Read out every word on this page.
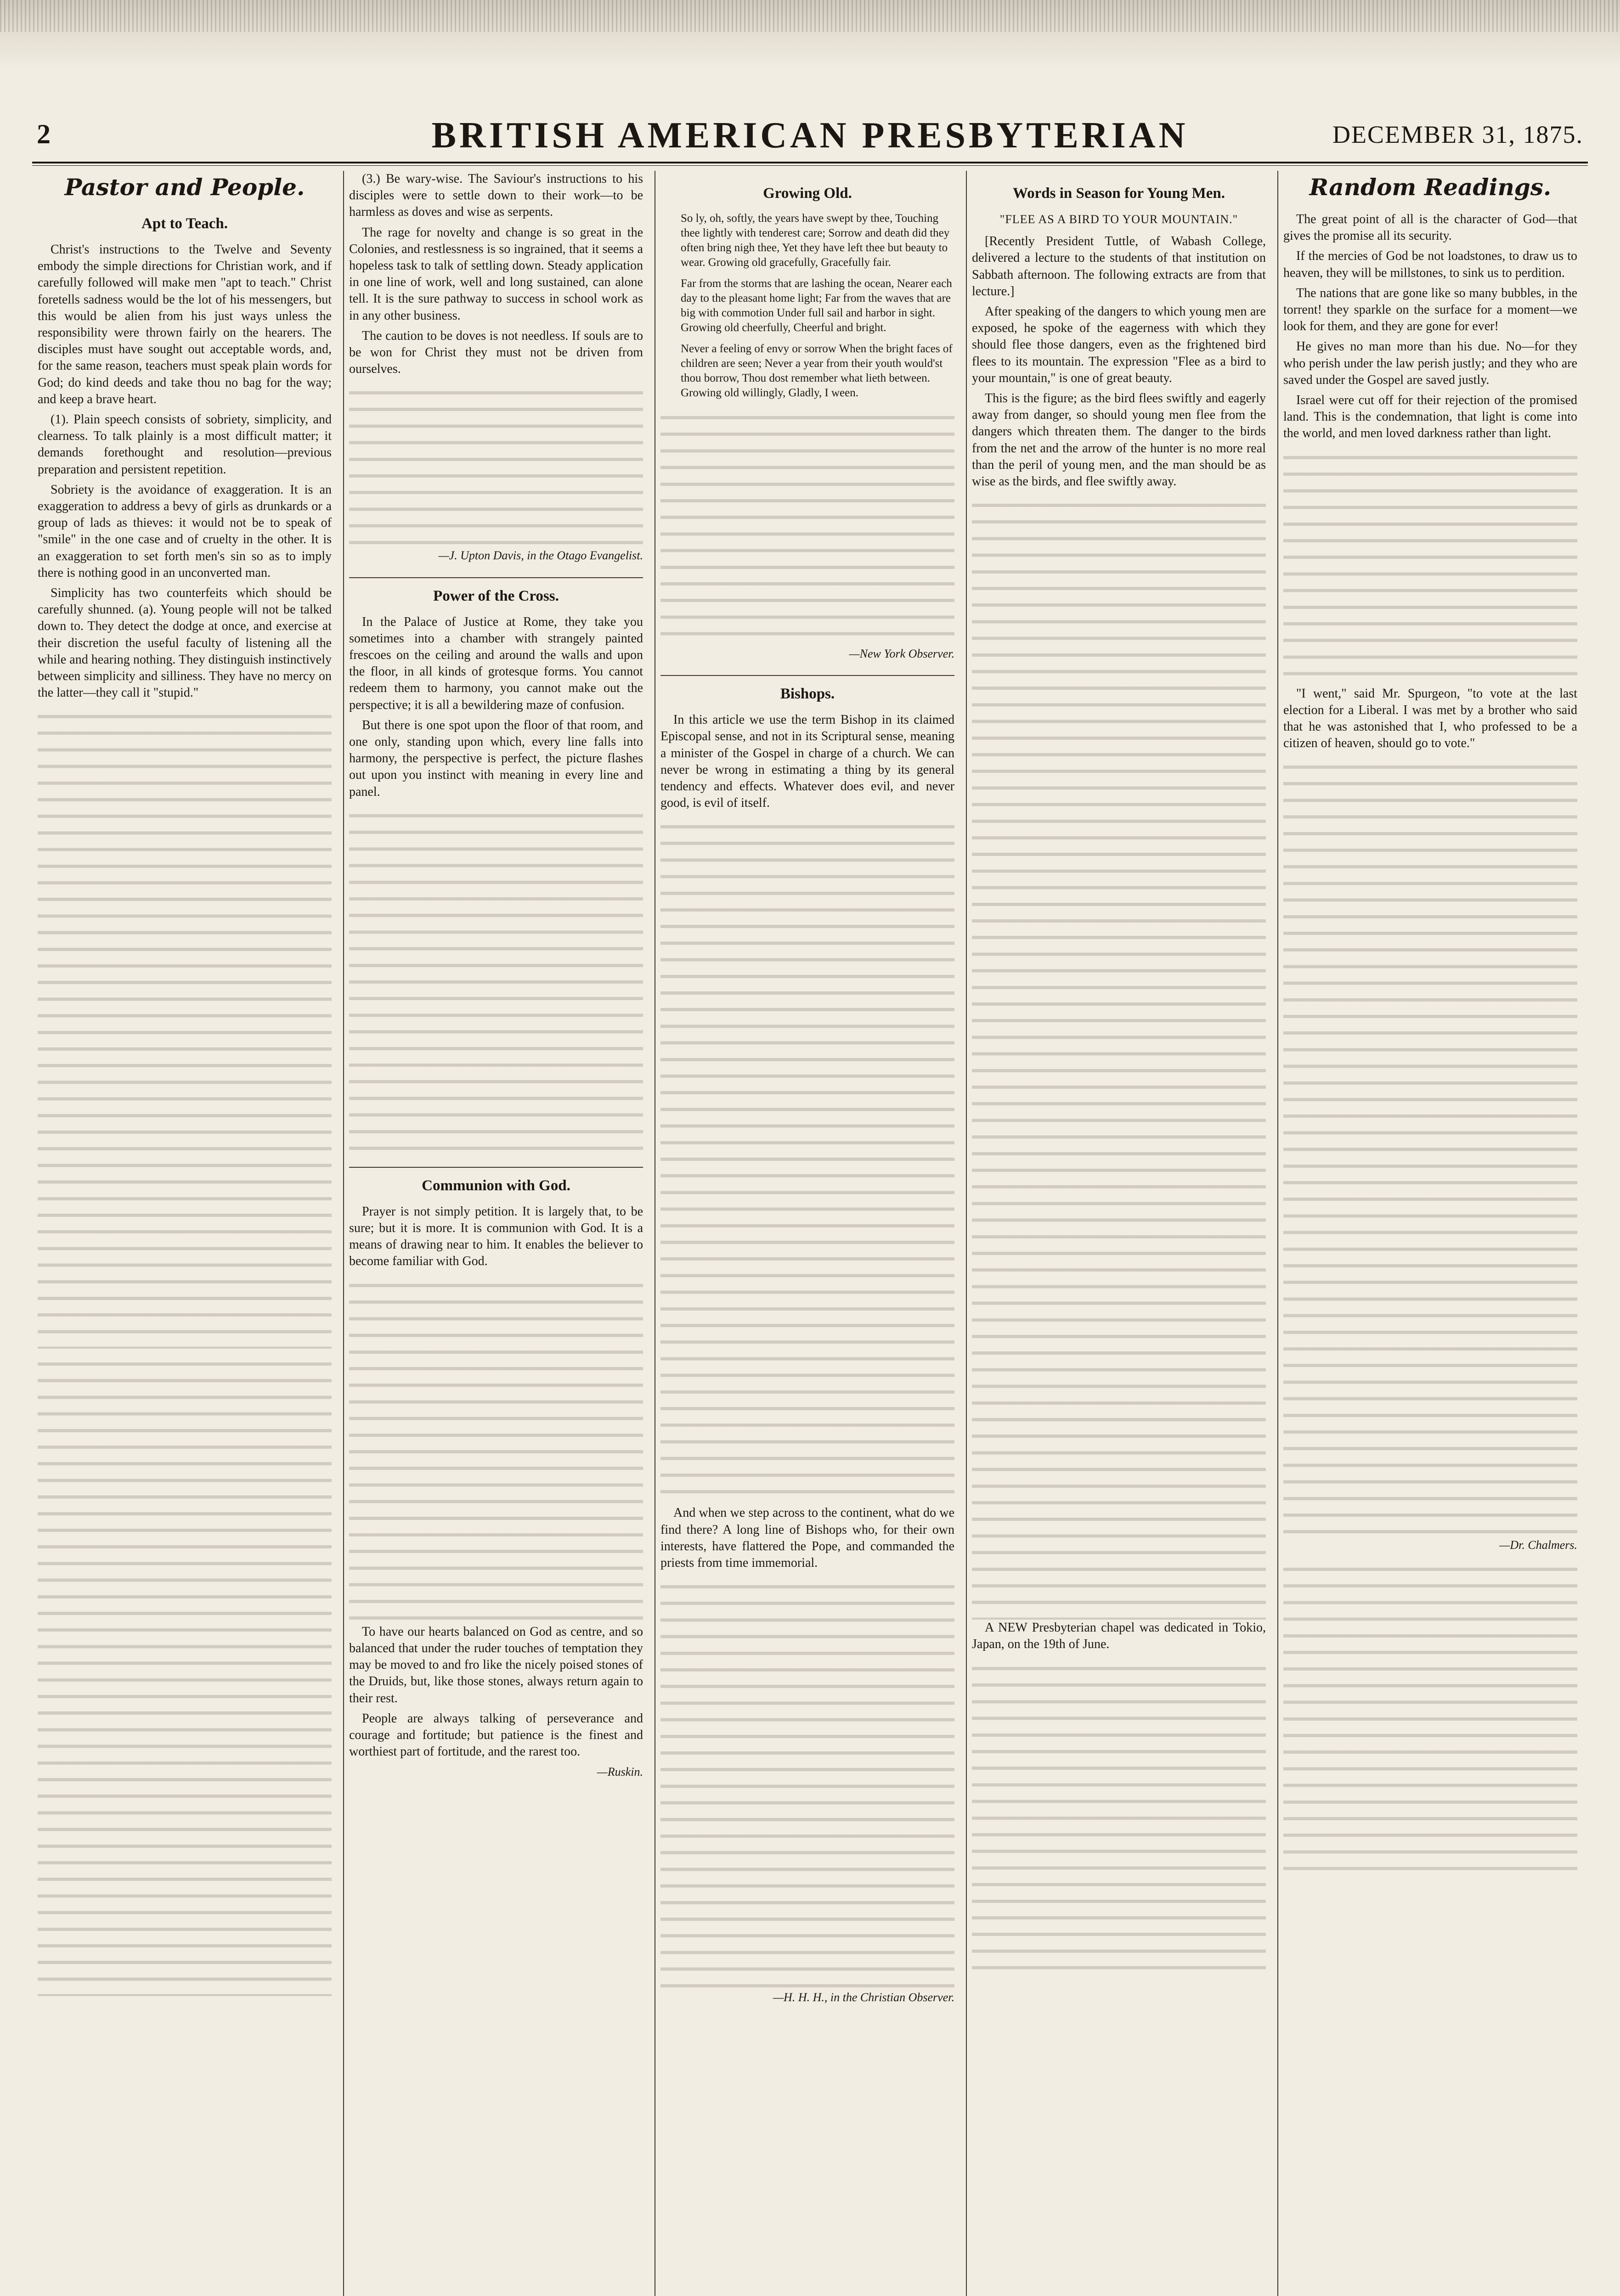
2	BRITISH AMERICAN PRESBYTERIAN	DECEMBER 31, 1875.
Pastor and People.
Apt to Teach.

Christ's instructions to the Twelve and Seventy embody the simple directions for Christian work, and if carefully followed will make men "apt to teach." Christ foretells sadness would be the lot of his messengers, but this would be alien from his just ways unless the responsibility were thrown fairly on the hearers. The disciples must have sought out acceptable words, and, for the same reason, teachers must speak plain words for God; do kind deeds and take thou no bag for the way; and keep a brave heart.

(1). Plain speech consists of sobriety, simplicity, and clearness. To talk plainly is a most difficult matter; it demands forethought and resolution—previous preparation and persistent repetition.

Sobriety is the avoidance of exaggeration. It is an exaggeration to address a bevy of girls as drunkards or a group of lads as thieves: it would not be to speak of "smile" in the one case and of cruelty in the other. It is an exaggeration to set forth men's sin so as to imply there is nothing good in an unconverted man.

Simplicity has two counterfeits which should be carefully shunned. (a). Young people will not be talked down to. They detect the dodge at once, and exercise at their discretion the useful faculty of listening all the while and hearing nothing. They distinguish instinctively between simplicity and silliness. They have no mercy on the latter—they call it "stupid."

(3.) Be wary-wise. The Saviour's instructions to his disciples were to settle down to their work—to be harmless as doves and wise as serpents.

The rage for novelty and change is so great in the Colonies, and restlessness is so ingrained, that it seems a hopeless task to talk of settling down. Steady application in one line of work, well and long sustained, can alone tell. It is the sure pathway to success in school work as in any other business.

The caution to be doves is not needless. If souls are to be won for Christ they must not be driven from ourselves.

—J. Upton Davis, in the Otago Evangelist.
Power of the Cross.

In the Palace of Justice at Rome, they take you sometimes into a chamber with strangely painted frescoes on the ceiling and around the walls and upon the floor, in all kinds of grotesque forms. You cannot redeem them to harmony, you cannot make out the perspective; it is all a bewildering maze of confusion.

But there is one spot upon the floor of that room, and one only, standing upon which, every line falls into harmony, the perspective is perfect, the picture flashes out upon you instinct with meaning in every line and panel.

Communion with God.

Prayer is not simply petition. It is largely that, to be sure; but it is more. It is communion with God. It is a means of drawing near to him. It enables the believer to become familiar with God.

To have our hearts balanced on God as centre, and so balanced that under the ruder touches of temptation they may be moved to and fro like the nicely poised stones of the Druids, but, like those stones, always return again to their rest.

People are always talking of perseverance and courage and fortitude; but patience is the finest and worthiest part of fortitude, and the rarest too.

—Ruskin.
Growing Old.
So ly, oh, softly, the years have swept by thee, Touching thee lightly with tenderest care; Sorrow and death did they often bring nigh thee, Yet they have left thee but beauty to wear. Growing old gracefully, Gracefully fair.
Far from the storms that are lashing the ocean, Nearer each day to the pleasant home light; Far from the waves that are big with commotion Under full sail and harbor in sight. Growing old cheerfully, Cheerful and bright.
Never a feeling of envy or sorrow When the bright faces of children are seen; Never a year from their youth would'st thou borrow, Thou dost remember what lieth between. Growing old willingly, Gladly, I ween.
—New York Observer.
Bishops.

In this article we use the term Bishop in its claimed Episcopal sense, and not in its Scriptural sense, meaning a minister of the Gospel in charge of a church. We can never be wrong in estimating a thing by its general tendency and effects. Whatever does evil, and never good, is evil of itself.

And when we step across to the continent, what do we find there? A long line of Bishops who, for their own interests, have flattered the Pope, and commanded the priests from time immemorial.

—H. H. H., in the Christian Observer.
Words in Season for Young Men.
"FLEE AS A BIRD TO YOUR MOUNTAIN."

[Recently President Tuttle, of Wabash College, delivered a lecture to the students of that institution on Sabbath afternoon. The following extracts are from that lecture.]

After speaking of the dangers to which young men are exposed, he spoke of the eagerness with which they should flee those dangers, even as the frightened bird flees to its mountain. The expression "Flee as a bird to your mountain," is one of great beauty.

This is the figure; as the bird flees swiftly and eagerly away from danger, so should young men flee from the dangers which threaten them. The danger to the birds from the net and the arrow of the hunter is no more real than the peril of young men, and the man should be as wise as the birds, and flee swiftly away.

A NEW Presbyterian chapel was dedicated in Tokio, Japan, on the 19th of June.

Random Readings.

The great point of all is the character of God—that gives the promise all its security.

If the mercies of God be not loadstones, to draw us to heaven, they will be millstones, to sink us to perdition.

The nations that are gone like so many bubbles, in the torrent! they sparkle on the surface for a moment—we look for them, and they are gone for ever!

He gives no man more than his due. No—for they who perish under the law perish justly; and they who are saved under the Gospel are saved justly.

Israel were cut off for their rejection of the promised land. This is the condemnation, that light is come into the world, and men loved darkness rather than light.

"I went," said Mr. Spurgeon, "to vote at the last election for a Liberal. I was met by a brother who said that he was astonished that I, who professed to be a citizen of heaven, should go to vote."

—Dr. Chalmers.
